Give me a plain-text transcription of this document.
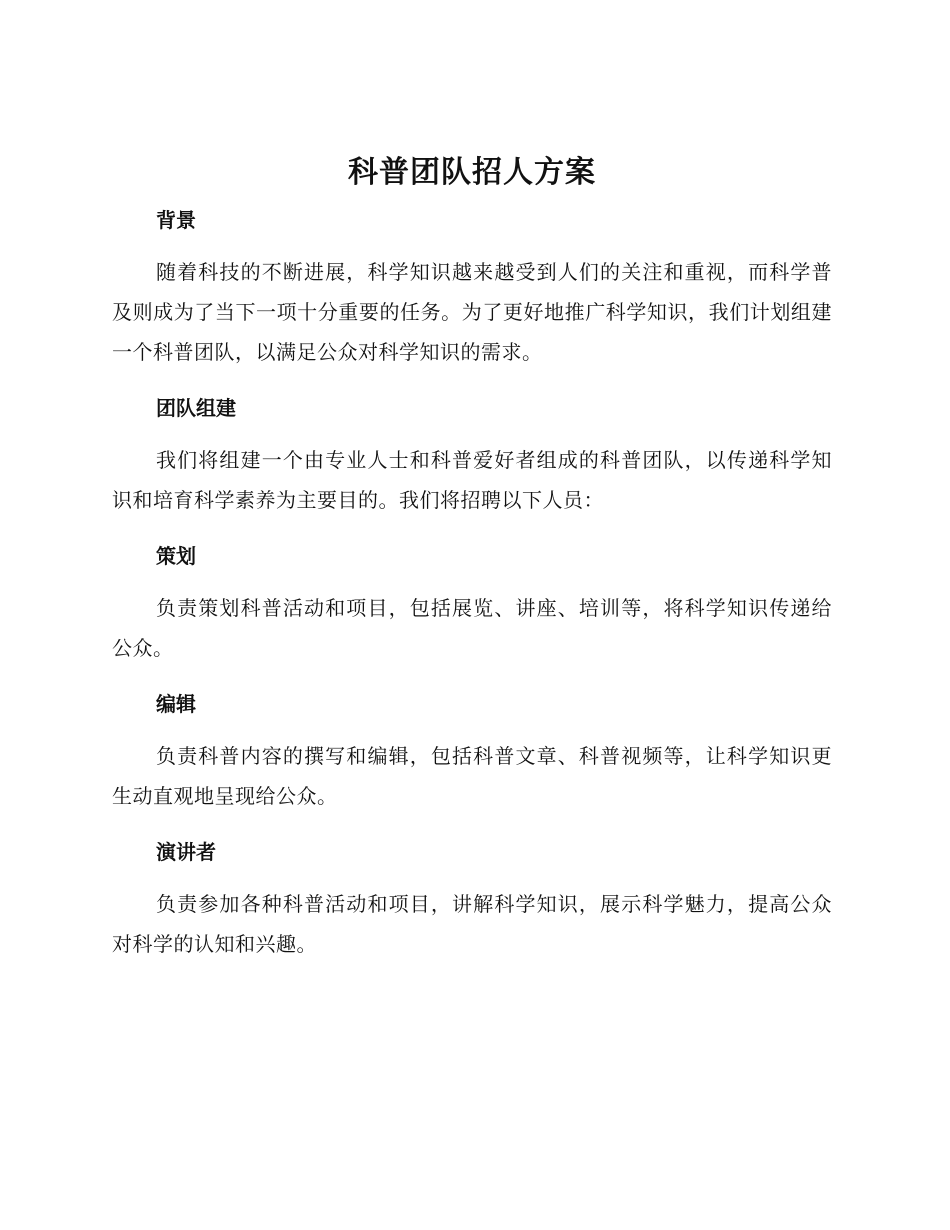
科普团队招人方案
背景

随着科技的不断进展，科学知识越来越受到人们的关注和重视，而科学普及则成为了当下一项十分重要的任务。为了更好地推广科学知识，我们计划组建一个科普团队，以满足公众对科学知识的需求。

团队组建

我们将组建一个由专业人士和科普爱好者组成的科普团队，以传递科学知识和培育科学素养为主要目的。我们将招聘以下人员：

策划

负责策划科普活动和项目，包括展览、讲座、培训等，将科学知识传递给公众。

编辑

负责科普内容的撰写和编辑，包括科普文章、科普视频等，让科学知识更生动直观地呈现给公众。

演讲者

负责参加各种科普活动和项目，讲解科学知识，展示科学魅力，提高公众对科学的认知和兴趣。
